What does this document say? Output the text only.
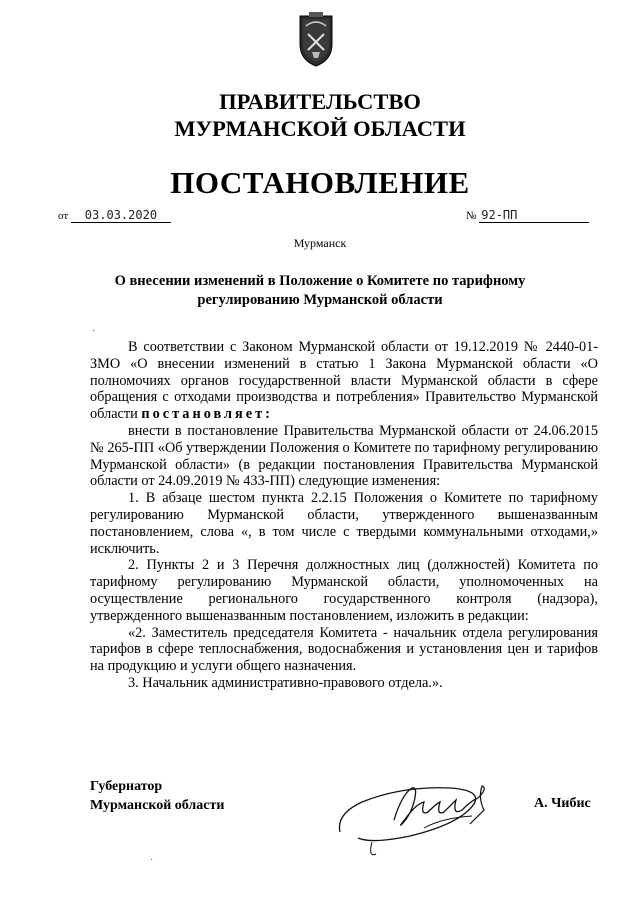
ПРАВИТЕЛЬСТВО
МУРМАНСКОЙ ОБЛАСТИ
ПОСТАНОВЛЕНИЕ
от 03.03.2020	№ 92-ПП
Мурманск
О внесении изменений в Положение о Комитете по тарифному
регулированию Мурманской области
·

В соответствии с Законом Мурманской области от 19.12.2019 № 2440-01-ЗМО «О внесении изменений в статью 1 Закона Мурманской области «О полномочиях органов государственной власти Мурманской области в сфере обращения с отходами производства и потребления» Правительство Мурманской области постановляет:

внести в постановление Правительства Мурманской области от 24.06.2015 № 265-ПП «Об утверждении Положения о Комитете по тарифному регулированию Мурманской области» (в редакции постановления Правительства Мурманской области от 24.09.2019 № 433-ПП) следующие изменения:

1. В абзаце шестом пункта 2.2.15 Положения о Комитете по тарифному регулированию Мурманской области, утвержденного вышеназванным постановлением, слова «, в том числе с твердыми коммунальными отходами,» исключить.

2. Пункты 2 и 3 Перечня должностных лиц (должностей) Комитета по тарифному регулированию Мурманской области, уполномоченных на осуществление регионального государственного контроля (надзора), утвержденного вышеназванным постановлением, изложить в редакции:

«2. Заместитель председателя Комитета - начальник отдела регулирования тарифов в сфере теплоснабжения, водоснабжения и установления цен и тарифов на продукцию и услуги общего назначения.

3. Начальник административно-правового отдела.».

Губернатор
Мурманской области	А. Чибис
·
